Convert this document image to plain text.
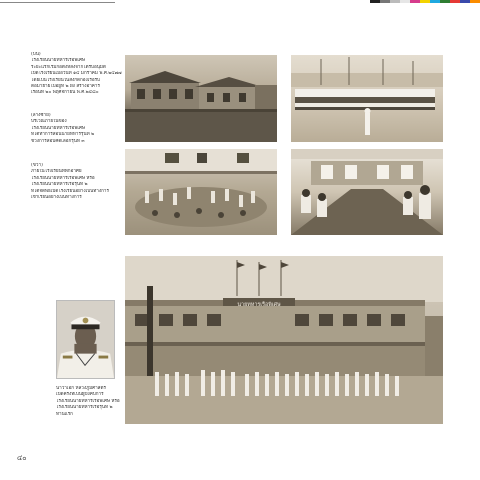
(บน)
โรงเรียนนายทหารเรือพิเศษ
ระยะแรกเริ่มก่อตั้งหลังจากได้รับอนุมัติ
เปิดโรงเรียนเมื่อวันที่ ๑๔ มกราคม พ.ศ.๒๔๗๗
โดยเป็นโรงเรียนในสังกัดกองเรือรบ
ต่อมาย้ายไปอยู่ที่ ๒ ฝั่ง สร้างอาคาร
เรือนที่ ๒๐ พฤศจิกายน พ.ศ.๒๔๘๐
(ล่างซ้าย)
บริเวณภายในของ
โรงเรียนนายทหารเรือพิเศษ
ที่ได้ทำการสอนนายทหารรุ่นที่ ๒
ช่วงการสอบคัดเลือกรุ่นที่ ๓
(ขวา)
ภายในโรงเรียนที่พักอาศัย
โรงเรียนนายทหารเรือพิเศษ หรือ
โรงเรียนนายทหารเรือรุ่นที่ ๒
ที่ได้จัดพิธีเปิดโรงเรียนอย่างเป็นทางการ
เข้าเรียนอย่างเป็นทางการ
นายทหารเรือพิเศษ
นาวาเอก หลวงภูมิศาสตร์
เปิดครั้งที่เป็นผู้บังคับการ
โรงเรียนนายทหารเรือพิเศษ หรือ
โรงเรียนนายทหารเรือรุ่นที่ ๒
ท่านแรก
๔๐
